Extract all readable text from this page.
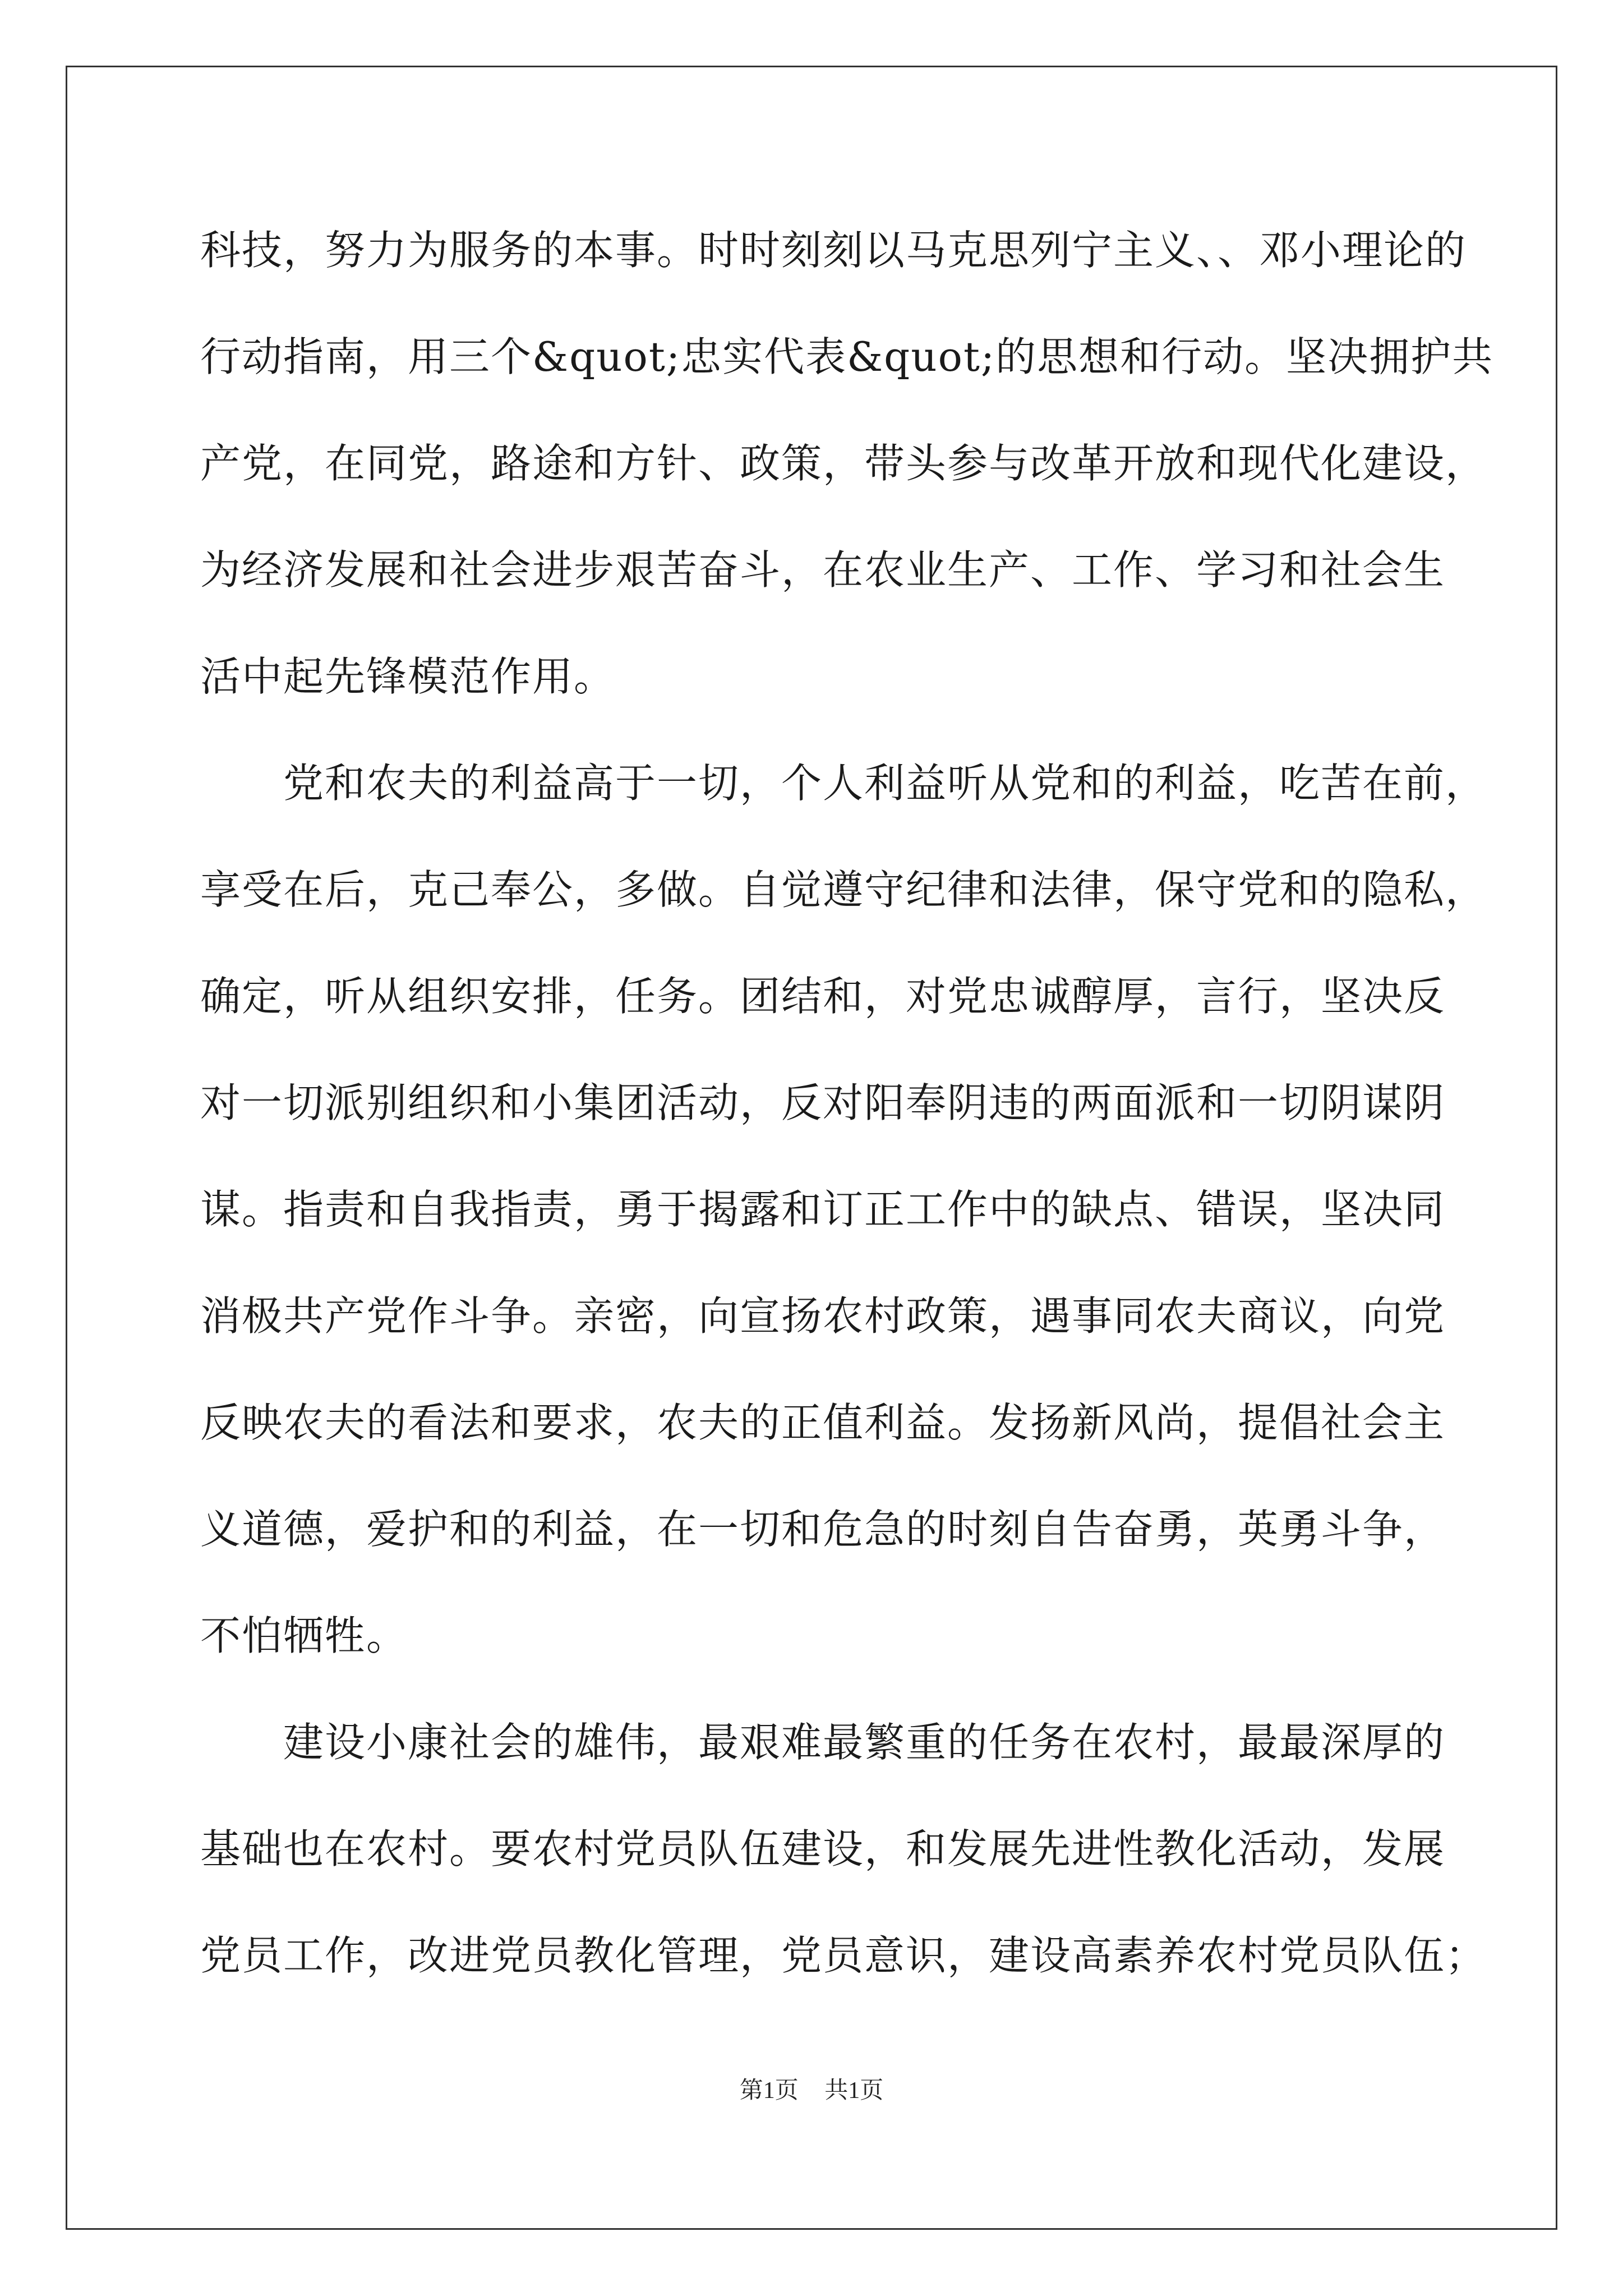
科技，努力为服务的本事。时时刻刻以马克思列宁主义、、邓小理论的
行动指南，用三个&quot;忠实代表&quot;的思想和行动。坚决拥护共
产党，在同党，路途和方针、政策，带头参与改革开放和现代化建设，
为经济发展和社会进步艰苦奋斗，在农业生产、工作、学习和社会生
活中起先锋模范作用。
　　党和农夫的利益高于一切，个人利益听从党和的利益，吃苦在前，
享受在后，克己奉公，多做。自觉遵守纪律和法律，保守党和的隐私，
确定，听从组织安排，任务。团结和，对党忠诚醇厚，言行，坚决反
对一切派别组织和小集团活动，反对阳奉阴违的两面派和一切阴谋阴
谋。指责和自我指责，勇于揭露和订正工作中的缺点、错误，坚决同
消极共产党作斗争。亲密，向宣扬农村政策，遇事同农夫商议，向党
反映农夫的看法和要求，农夫的正值利益。发扬新风尚，提倡社会主
义道德，爱护和的利益，在一切和危急的时刻自告奋勇，英勇斗争，
不怕牺牲。
　　建设小康社会的雄伟，最艰难最繁重的任务在农村，最最深厚的
基础也在农村。要农村党员队伍建设，和发展先进性教化活动，发展
党员工作，改进党员教化管理，党员意识，建设高素养农村党员队伍；
第1页 共1页
